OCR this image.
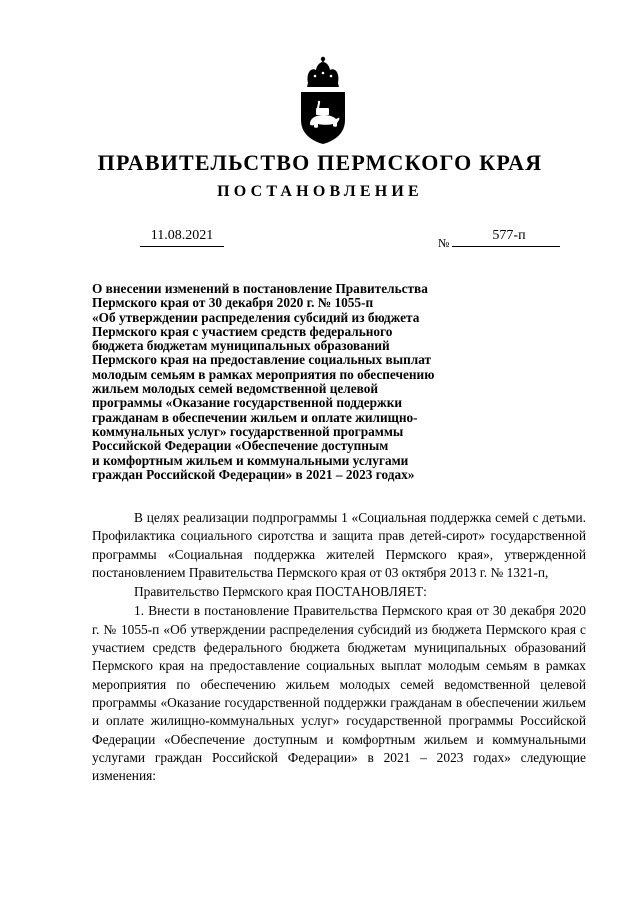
ПРАВИТЕЛЬСТВО ПЕРМСКОГО КРАЯ
ПОСТАНОВЛЕНИЕ
11.08.2021	№	577-п
О внесении изменений в постановление Правительства
Пермского края от 30 декабря 2020 г. № 1055-п
«Об утверждении распределения субсидий из бюджета
Пермского края с участием средств федерального
бюджета бюджетам муниципальных образований
Пермского края на предоставление социальных выплат
молодым семьям в рамках мероприятия по обеспечению
жильем молодых семей ведомственной целевой
программы «Оказание государственной поддержки
гражданам в обеспечении жильем и оплате жилищно-
коммунальных услуг» государственной программы
Российской Федерации «Обеспечение доступным
и комфортным жильем и коммунальными услугами
граждан Российской Федерации» в 2021 – 2023 годах»

В целях реализации подпрограммы 1 «Социальная поддержка семей с детьми. Профилактика социального сиротства и защита прав детей-сирот» государственной программы «Социальная поддержка жителей Пермского края», утвержденной постановлением Правительства Пермского края от 03 октября 2013 г. № 1321-п,

Правительство Пермского края ПОСТАНОВЛЯЕТ:

1. Внести в постановление Правительства Пермского края от 30 декабря 2020 г. № 1055-п «Об утверждении распределения субсидий из бюджета Пермского края с участием средств федерального бюджета бюджетам муниципальных образований Пермского края на предоставление социальных выплат молодым семьям в рамках мероприятия по обеспечению жильем молодых семей ведомственной целевой программы «Оказание государственной поддержки гражданам в обеспечении жильем и оплате жилищно-коммунальных услуг» государственной программы Российской Федерации «Обеспечение доступным и комфортным жильем и коммунальными услугами граждан Российской Федерации» в 2021 – 2023 годах» следующие изменения:
